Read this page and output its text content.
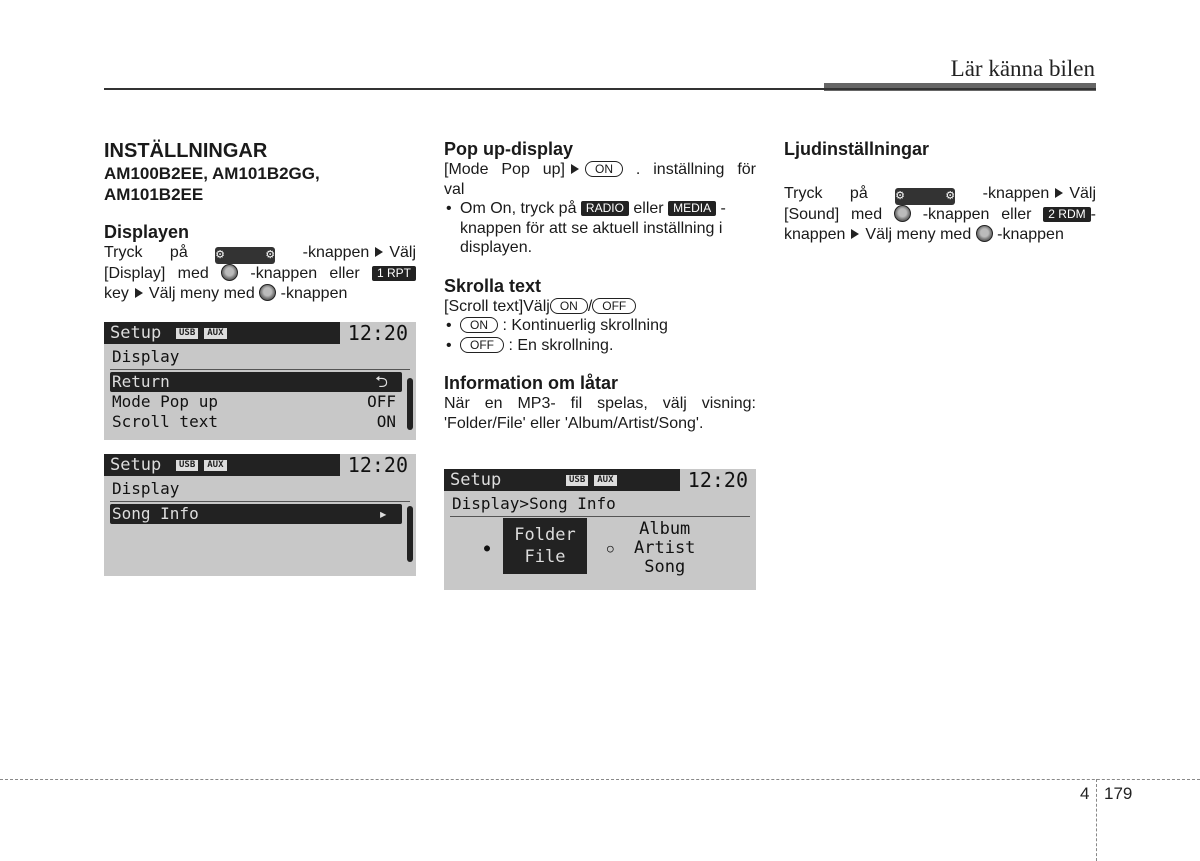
Lär känna bilen
INSTÄLLNINGAR
AM100B2EE, AM101B2GG, AM101B2EE
Displayen

Tryck på ⚙ ⚙ -knappen Välj

[Display] med	-knappen eller 1 RPT

key Välj meny med -knappen

Setup	USB	AUX	12:20
Display
Return	⮌
Mode Pop up	OFF
Scroll text	ON
Setup	USB	AUX	12:20
Display
Song Info	▸
Pop up-display

[Mode Pop up]	ON . inställning för

val

• Om On, tryck på RADIO eller MEDIA -knappen för att se aktuell inställning i displayen.
Skrolla text

[Scroll text]Välj ON / OFF

• ON : Kontinuerlig skrollning
• OFF : En skrollning.
Information om låtar

När en MP3- fil spelas, välj visning: 'Folder/File' eller 'Album/Artist/Song'.

Setup	USB	AUX	12:20
Display>Song Info
●
Folder
File	○
Album
Artist
Song
Ljudinställningar

Tryck på ⚙ ⚙ -knappen Välj

[Sound] med	-knappen eller 2 RDM -

knappen Välj meny med -knappen

4 179
